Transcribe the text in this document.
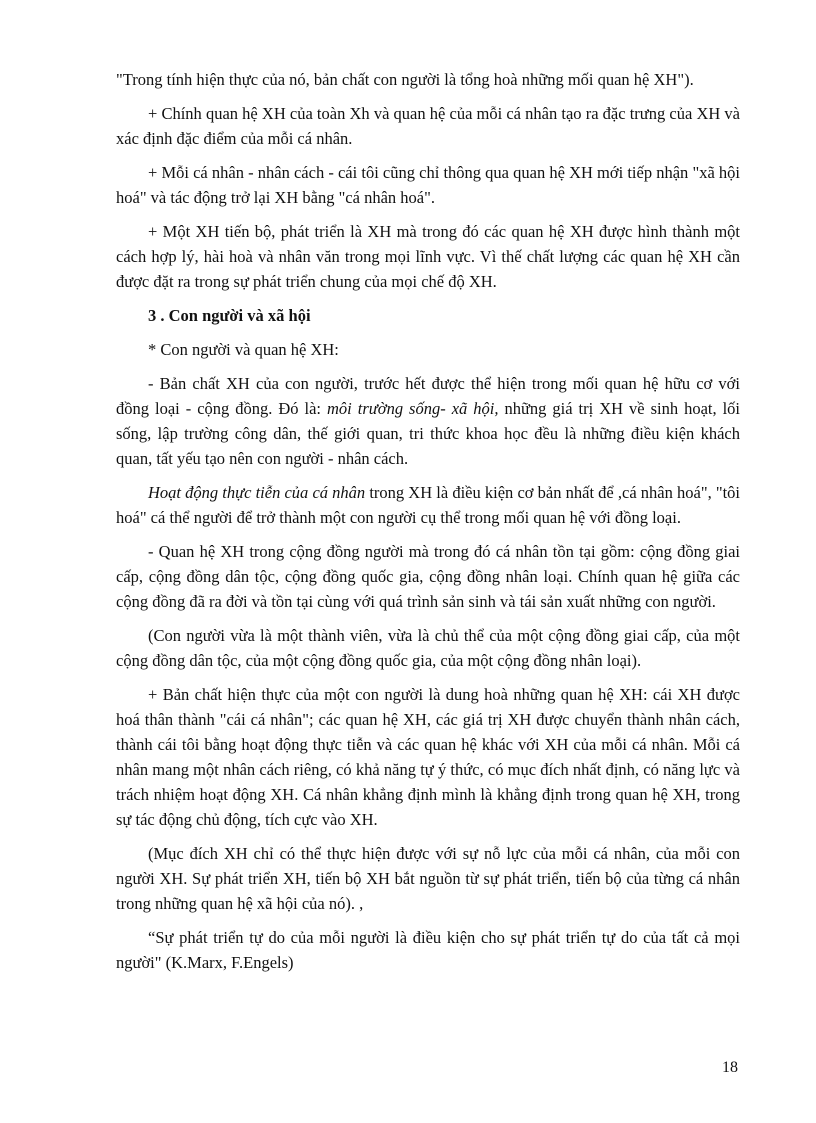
"Trong tính hiện thực của nó, bản chất con người là tổng hoà những mối quan hệ XH").

+ Chính quan hệ XH của toàn Xh và quan hệ của mỗi cá nhân tạo ra đặc trưng của XH và xác định đặc điểm của mỗi cá nhân.

+ Mỗi cá nhân - nhân cách - cái tôi cũng chỉ thông qua quan hệ XH mới tiếp nhận "xã hội hoá" và tác động trở lại XH bằng "cá nhân hoá".

+ Một XH tiến bộ, phát triển là XH mà trong đó các quan hệ XH được hình thành một cách hợp lý, hài hoà và nhân văn trong mọi lĩnh vực. Vì thế chất lượng các quan hệ XH cần được đặt ra trong sự phát triển chung của mọi chế độ XH.

3 . Con người và xã hội

* Con người và quan hệ XH:

- Bản chất XH của con người, trước hết được thể hiện trong mối quan hệ hữu cơ với đồng loại - cộng đồng. Đó là: môi trường sống- xã hội, những giá trị XH về sinh hoạt, lối sống, lập trường công dân, thế giới quan, tri thức khoa học đều là những điều kiện khách quan, tất yếu tạo nên con người - nhân cách.

Hoạt động thực tiễn của cá nhân trong XH là điều kiện cơ bản nhất để ,cá nhân hoá", "tôi hoá" cá thể người để trở thành một con người cụ thể trong mối quan hệ với đồng loại.

- Quan hệ XH trong cộng đồng người mà trong đó cá nhân tồn tại gồm: cộng đồng giai cấp, cộng đồng dân tộc, cộng đồng quốc gia, cộng đồng nhân loại. Chính quan hệ giữa các cộng đồng đã ra đời và tồn tại cùng với quá trình sản sinh và tái sản xuất những con người.

(Con người vừa là một thành viên, vừa là chủ thể của một cộng đồng giai cấp, của một cộng đồng dân tộc, của một cộng đồng quốc gia, của một cộng đồng nhân loại).

+ Bản chất hiện thực của một con người là dung hoà những quan hệ XH: cái XH được hoá thân thành "cái cá nhân"; các quan hệ XH, các giá trị XH được chuyển thành nhân cách, thành cái tôi bằng hoạt động thực tiễn và các quan hệ khác với XH của mỗi cá nhân. Mỗi cá nhân mang một nhân cách riêng, có khả năng tự ý thức, có mục đích nhất định, có năng lực và trách nhiệm hoạt động XH. Cá nhân khẳng định mình là khẳng định trong quan hệ XH, trong sự tác động chủ động, tích cực vào XH.

(Mục đích XH chỉ có thể thực hiện được với sự nỗ lực của mỗi cá nhân, của mỗi con người XH. Sự phát triển XH, tiến bộ XH bắt nguồn từ sự phát triển, tiến bộ của từng cá nhân trong những quan hệ xã hội của nó). ,

“Sự phát triển tự do của mỗi người là điều kiện cho sự phát triển tự do của tất cả mọi người" (K.Marx, F.Engels)

18
